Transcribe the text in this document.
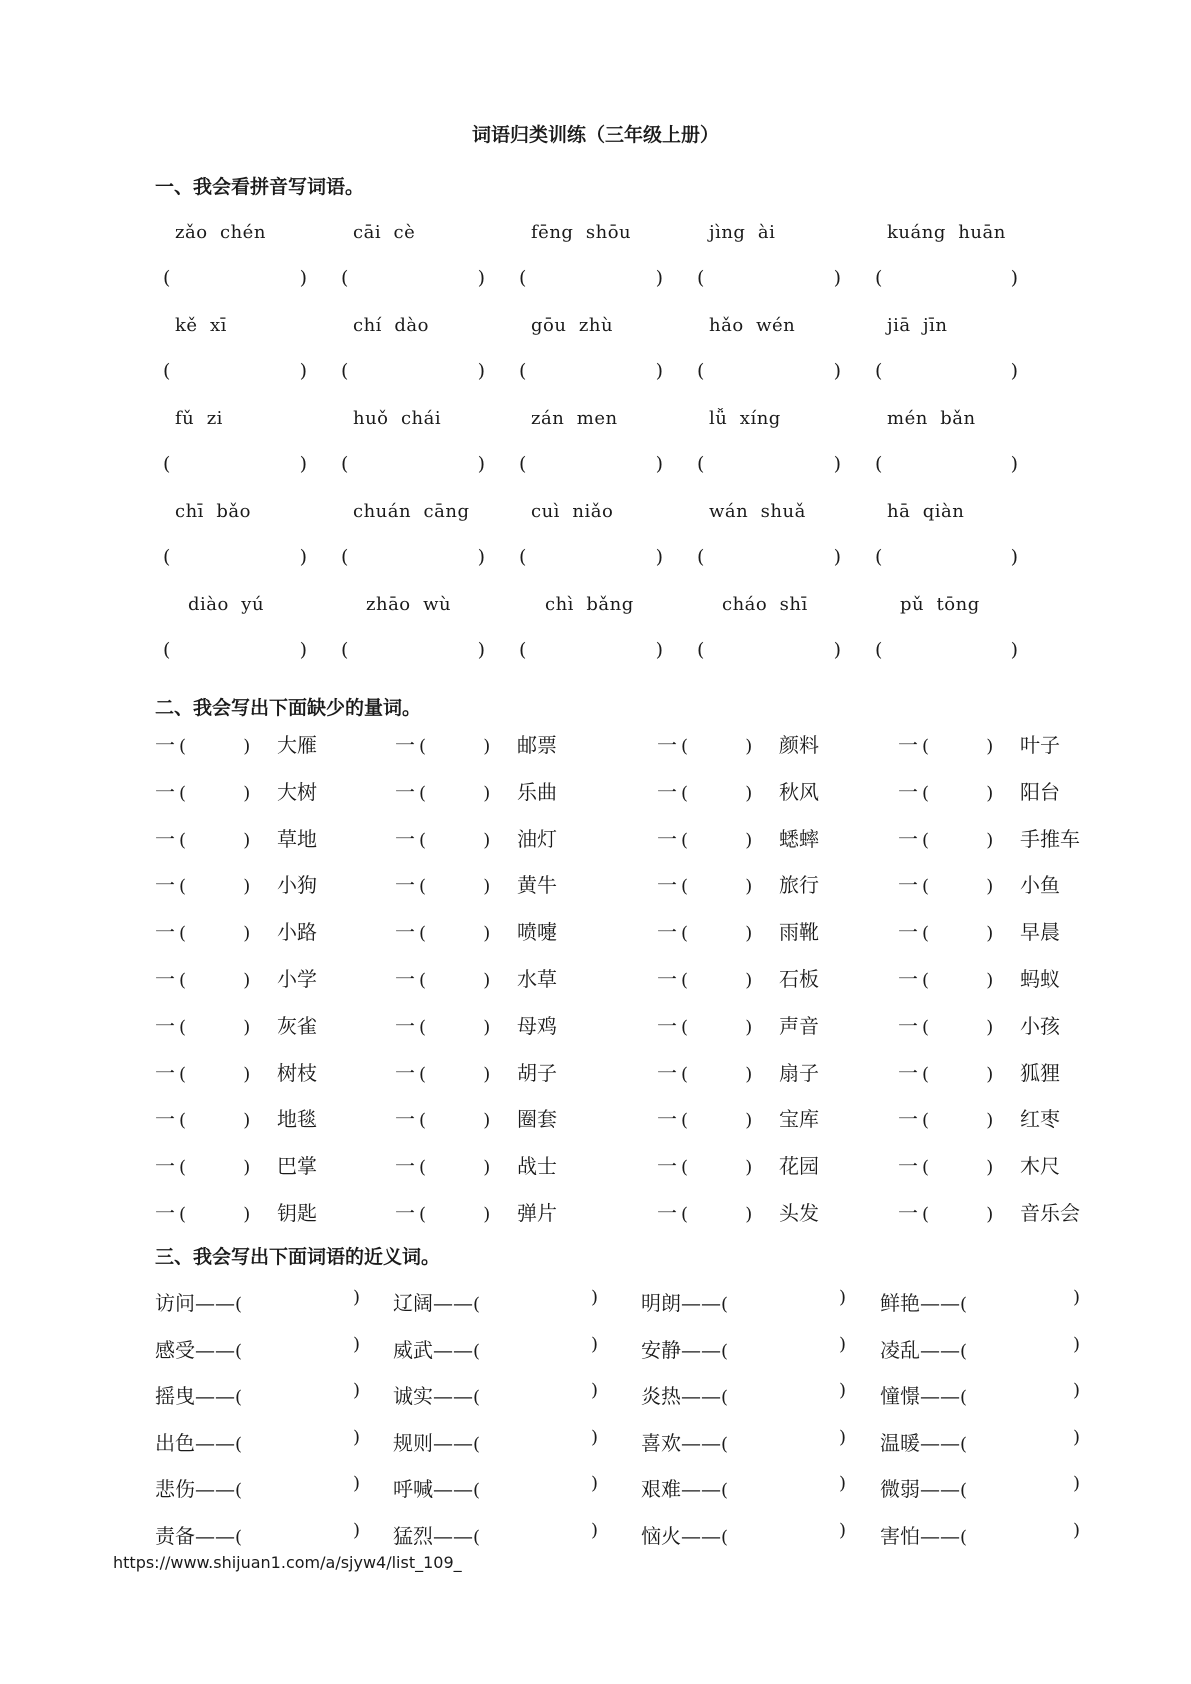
词语归类训练（三年级上册）
一、我会看拼音写词语。
二、我会写出下面缺少的量词。
三、我会写出下面词语的近义词。
zǎo  chén	cāi  cè	fēng  shōu	jìng  ài	kuáng  huān
(	) (	) (	) (	) (	)
kě  xī	chí  dào	gōu  zhù	hǎo  wén	jiā  jīn
(	) (	) (	) (	) (	)
fǔ  zi	huǒ  chái	zán  men	lǚ  xíng	mén  bǎn
(	) (	) (	) (	) (	)
chī  bǎo	chuán  cāng	cuì  niǎo	wán  shuǎ	hā  qiàn
(	) (	) (	) (	) (	)
diào  yú	zhāo  wù	chì  bǎng	cháo  shī	pǔ  tōng
(	) (	) (	) (	) (	)
一 (          ) 大雁	一 (          ) 邮票	一 (          ) 颜料	一 (          ) 叶子
一 (          ) 大树	一 (          ) 乐曲	一 (          ) 秋风	一 (          ) 阳台
一 (          ) 草地	一 (          ) 油灯	一 (          ) 蟋蟀	一 (          ) 手推车
一 (          ) 小狗	一 (          ) 黄牛	一 (          ) 旅行	一 (          ) 小鱼
一 (          ) 小路	一 (          ) 喷嚏	一 (          ) 雨靴	一 (          ) 早晨
一 (          ) 小学	一 (          ) 水草	一 (          ) 石板	一 (          ) 蚂蚁
一 (          ) 灰雀	一 (          ) 母鸡	一 (          ) 声音	一 (          ) 小孩
一 (          ) 树枝	一 (          ) 胡子	一 (          ) 扇子	一 (          ) 狐狸
一 (          ) 地毯	一 (          ) 圈套	一 (          ) 宝库	一 (          ) 红枣
一 (          ) 巴掌	一 (          ) 战士	一 (          ) 花园	一 (          ) 木尺
一 (          ) 钥匙	一 (          ) 弹片	一 (          ) 头发	一 (          ) 音乐会
访问——(	) 辽阔——(	) 明朗——(	) 鲜艳——(	)
感受——(	) 威武——(	) 安静——(	) 凌乱——(	)
摇曳——(	) 诚实——(	) 炎热——(	) 憧憬——(	)
出色——(	) 规则——(	) 喜欢——(	) 温暖——(	)
悲伤——(	) 呼喊——(	) 艰难——(	) 微弱——(	)
责备——(	) 猛烈——(	) 恼火——(	) 害怕——(	)
https://www.shijuan1.com/a/sjyw4/list_109_
